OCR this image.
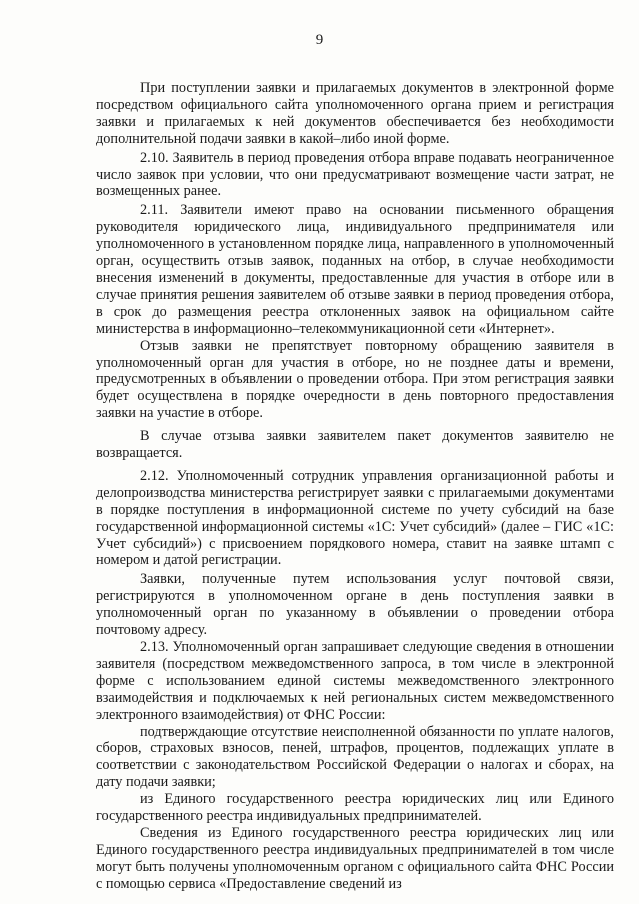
9

При поступлении заявки и прилагаемых документов в электронной форме посредством официального сайта уполномоченного органа прием и регистрация заявки и прилагаемых к ней документов обеспечивается без необходимости дополнительной подачи заявки в какой–либо иной форме.

2.10. Заявитель в период проведения отбора вправе подавать неограниченное число заявок при условии, что они предусматривают возмещение части затрат, не возмещенных ранее.

2.11. Заявители имеют право на основании письменного обращения руководителя юридического лица, индивидуального предпринимателя или уполномоченного в установленном порядке лица, направленного в уполномоченный орган, осуществить отзыв заявок, поданных на отбор, в случае необходимости внесения изменений в документы, предоставленные для участия в отборе или в случае принятия решения заявителем об отзыве заявки в период проведения отбора, в срок до размещения реестра отклоненных заявок на официальном сайте министерства в информационно–телекоммуникационной сети «Интернет».

Отзыв заявки не препятствует повторному обращению заявителя в уполномоченный орган для участия в отборе, но не позднее даты и времени, предусмотренных в объявлении о проведении отбора. При этом регистрация заявки будет осуществлена в порядке очередности в день повторного предоставления заявки на участие в отборе.

В случае отзыва заявки заявителем пакет документов заявителю не возвращается.

2.12. Уполномоченный сотрудник управления организационной работы и делопроизводства министерства регистрирует заявки с прилагаемыми документами в порядке поступления в информационной системе по учету субсидий на базе государственной информационной системы «1С: Учет субсидий» (далее – ГИС «1С: Учет субсидий») с присвоением порядкового номера, ставит на заявке штамп с номером и датой регистрации.

Заявки, полученные путем использования услуг почтовой связи, регистрируются в уполномоченном органе в день поступления заявки в уполномоченный орган по указанному в объявлении о проведении отбора почтовому адресу.

2.13. Уполномоченный орган запрашивает следующие сведения в отношении заявителя (посредством межведомственного запроса, в том числе в электронной форме с использованием единой системы межведомственного электронного взаимодействия и подключаемых к ней региональных систем межведомственного электронного взаимодействия) от ФНС России:

подтверждающие отсутствие неисполненной обязанности по уплате налогов, сборов, страховых взносов, пеней, штрафов, процентов, подлежащих уплате в соответствии с законодательством Российской Федерации о налогах и сборах, на дату подачи заявки;

из Единого государственного реестра юридических лиц или Единого государственного реестра индивидуальных предпринимателей.

Сведения из Единого государственного реестра юридических лиц или Единого государственного реестра индивидуальных предпринимателей в том числе могут быть получены уполномоченным органом с официального сайта ФНС России с помощью сервиса «Предоставление сведений из
